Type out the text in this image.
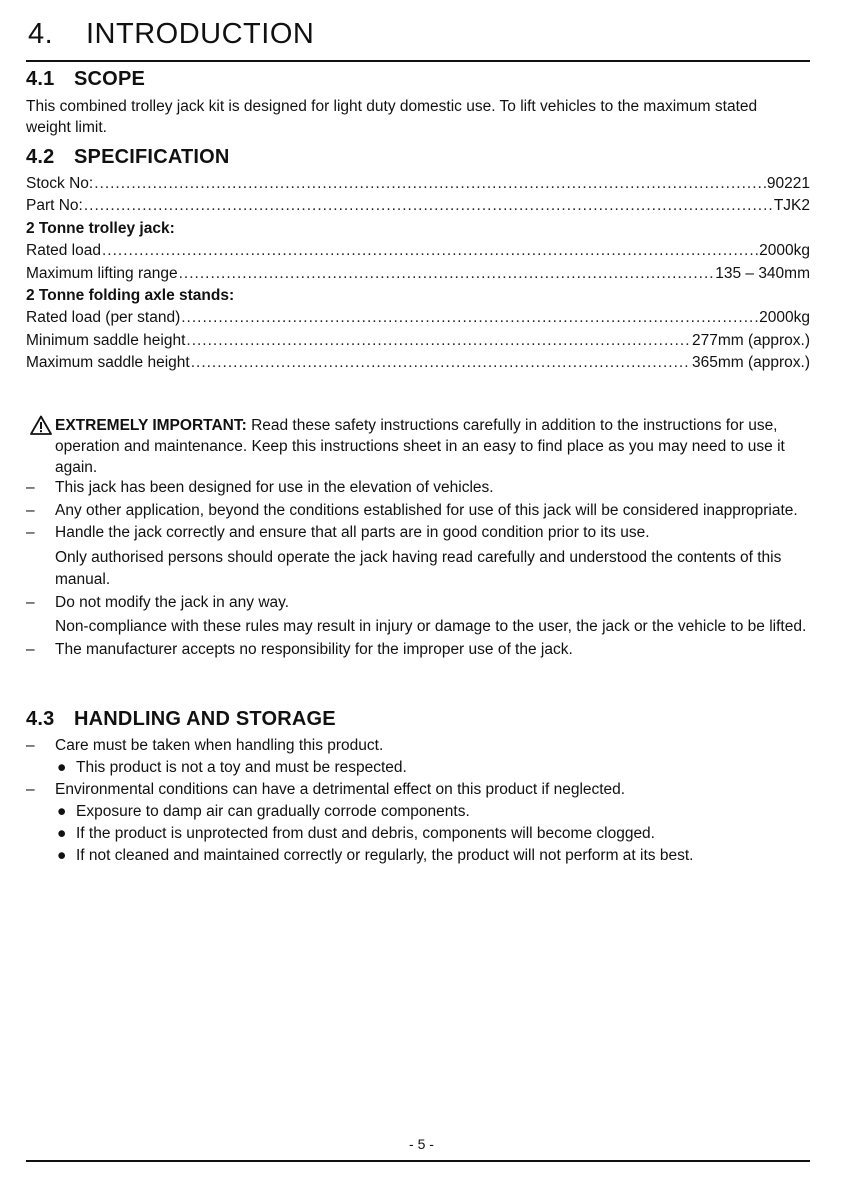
4. INTRODUCTION
4.1 SCOPE
This combined trolley jack kit is designed for light duty domestic use. To lift vehicles to the maximum stated weight limit.
4.2 SPECIFICATION
Stock No: .....	90221
Part No: .....	TJK2
2 Tonne trolley jack:
Rated load .....	2000kg
Maximum lifting range .....	135 – 340mm
2 Tonne folding axle stands:
Rated load (per stand) .....	2000kg
Minimum saddle height .....	277mm (approx.)
Maximum saddle height .....	365mm (approx.)
EXTREMELY IMPORTANT: Read these safety instructions carefully in addition to the instructions for use, operation and maintenance. Keep this instructions sheet in an easy to find place as you may need to use it again.
– This jack has been designed for use in the elevation of vehicles.
– Any other application, beyond the conditions established for use of this jack will be considered inappropriate.
– Handle the jack correctly and ensure that all parts are in good condition prior to its use.
Only authorised persons should operate the jack having read carefully and understood the contents of this manual.
– Do not modify the jack in any way.
Non-compliance with these rules may result in injury or damage to the user, the jack or the vehicle to be lifted.
– The manufacturer accepts no responsibility for the improper use of the jack.
4.3 HANDLING AND STORAGE
– Care must be taken when handling this product.
● This product is not a toy and must be respected.
– Environmental conditions can have a detrimental effect on this product if neglected.
● Exposure to damp air can gradually corrode components.
● If the product is unprotected from dust and debris, components will become clogged.
● If not cleaned and maintained correctly or regularly, the product will not perform at its best.
- 5 -
